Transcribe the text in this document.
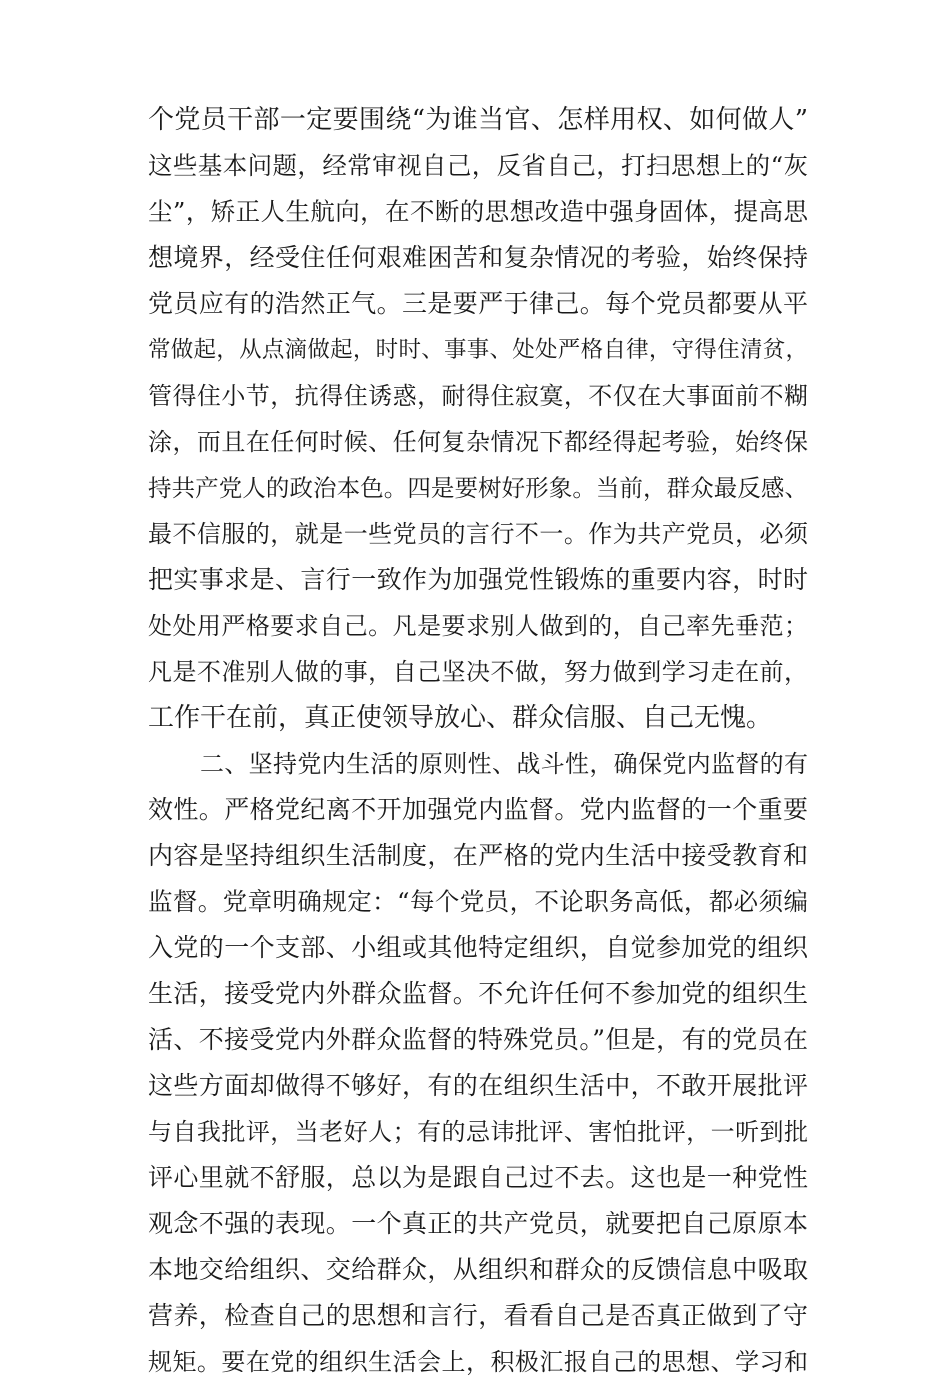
个党员干部一定要围绕“为谁当官、怎样用权、如何做人”
这些基本问题，经常审视自己，反省自己，打扫思想上的“灰
尘”，矫正人生航向，在不断的思想改造中强身固体，提高思
想境界，经受住任何艰难困苦和复杂情况的考验，始终保持
党员应有的浩然正气。三是要严于律己。每个党员都要从平
常做起，从点滴做起，时时、事事、处处严格自律，守得住清贫，
管得住小节，抗得住诱惑，耐得住寂寞，不仅在大事面前不糊
涂，而且在任何时候、任何复杂情况下都经得起考验，始终保
持共产党人的政治本色。四是要树好形象。当前，群众最反感、
最不信服的，就是一些党员的言行不一。作为共产党员，必须
把实事求是、言行一致作为加强党性锻炼的重要内容，时时
处处用严格要求自己。凡是要求别人做到的，自己率先垂范；
凡是不准别人做的事，自己坚决不做，努力做到学习走在前，
工作干在前，真正使领导放心、群众信服、自己无愧。
二、坚持党内生活的原则性、战斗性，确保党内监督的有
效性。严格党纪离不开加强党内监督。党内监督的一个重要
内容是坚持组织生活制度，在严格的党内生活中接受教育和
监督。党章明确规定：“每个党员，不论职务高低，都必须编
入党的一个支部、小组或其他特定组织，自觉参加党的组织
生活，接受党内外群众监督。不允许任何不参加党的组织生
活、不接受党内外群众监督的特殊党员。”但是，有的党员在
这些方面却做得不够好，有的在组织生活中，不敢开展批评
与自我批评，当老好人；有的忌讳批评、害怕批评，一听到批
评心里就不舒服，总以为是跟自己过不去。这也是一种党性
观念不强的表现。一个真正的共产党员，就要把自己原原本
本地交给组织、交给群众，从组织和群众的反馈信息中吸取
营养，检查自己的思想和言行，看看自己是否真正做到了守
规矩。要在党的组织生活会上，积极汇报自己的思想、学习和
